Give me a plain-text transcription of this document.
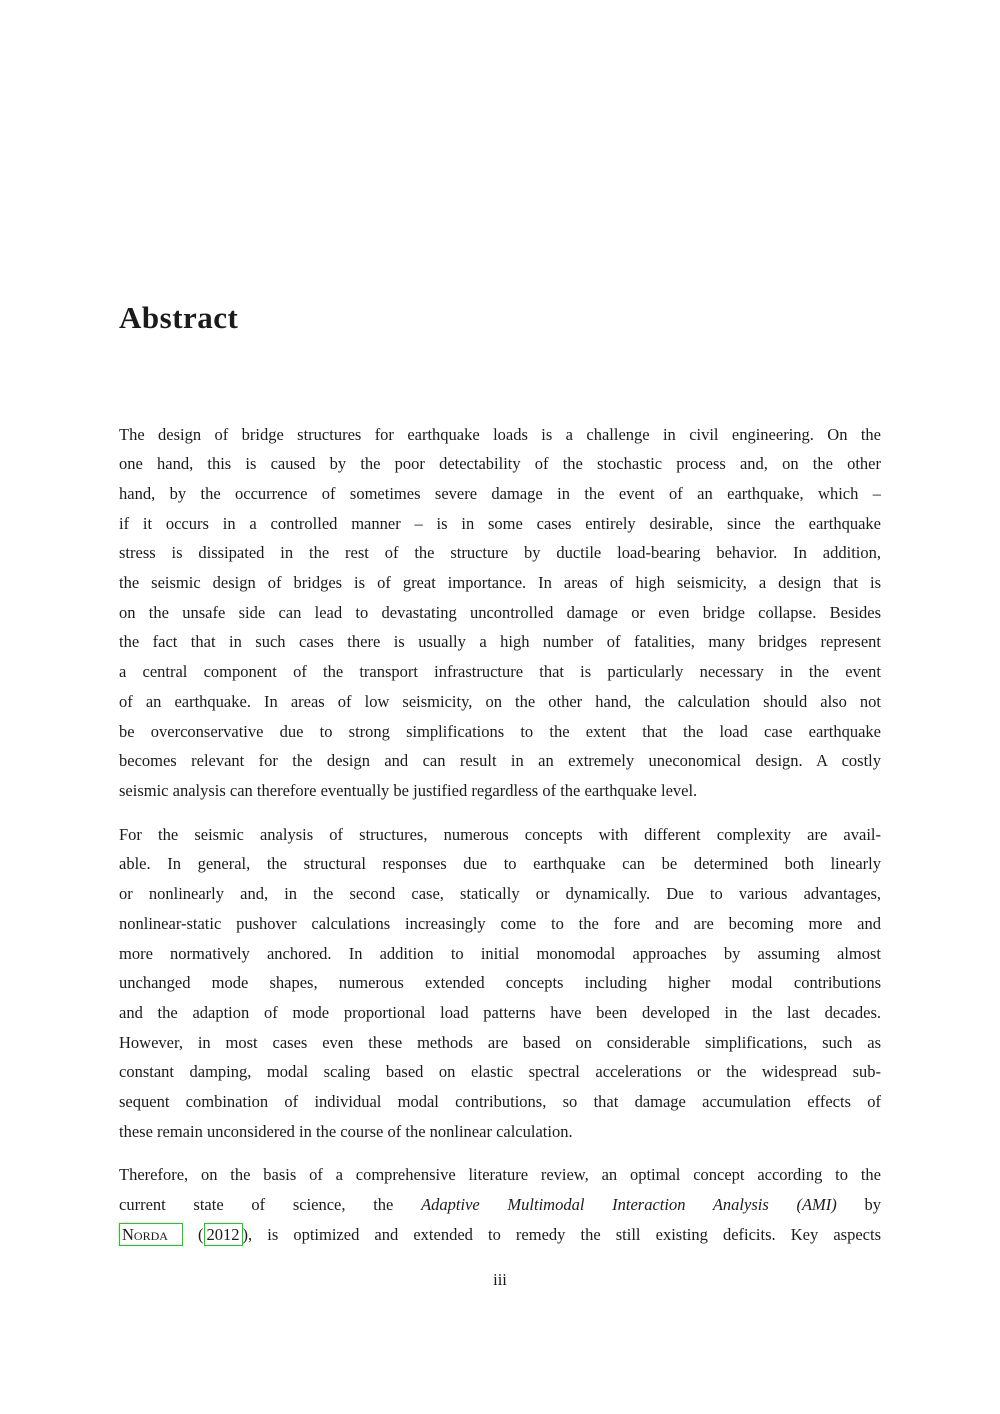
Abstract
The design of bridge structures for earthquake loads is a challenge in civil engineering. On the
one hand, this is caused by the poor detectability of the stochastic process and, on the other
hand, by the occurrence of sometimes severe damage in the event of an earthquake, which –
if it occurs in a controlled manner – is in some cases entirely desirable, since the earthquake
stress is dissipated in the rest of the structure by ductile load-bearing behavior. In addition,
the seismic design of bridges is of great importance. In areas of high seismicity, a design that is
on the unsafe side can lead to devastating uncontrolled damage or even bridge collapse. Besides
the fact that in such cases there is usually a high number of fatalities, many bridges represent
a central component of the transport infrastructure that is particularly necessary in the event
of an earthquake. In areas of low seismicity, on the other hand, the calculation should also not
be overconservative due to strong simplifications to the extent that the load case earthquake
becomes relevant for the design and can result in an extremely uneconomical design. A costly
seismic analysis can therefore eventually be justified regardless of the earthquake level.
For the seismic analysis of structures, numerous concepts with different complexity are avail-
able. In general, the structural responses due to earthquake can be determined both linearly
or nonlinearly and, in the second case, statically or dynamically. Due to various advantages,
nonlinear-static pushover calculations increasingly come to the fore and are becoming more and
more normatively anchored. In addition to initial monomodal approaches by assuming almost
unchanged mode shapes, numerous extended concepts including higher modal contributions
and the adaption of mode proportional load patterns have been developed in the last decades.
However, in most cases even these methods are based on considerable simplifications, such as
constant damping, modal scaling based on elastic spectral accelerations or the widespread sub-
sequent combination of individual modal contributions, so that damage accumulation effects of
these remain unconsidered in the course of the nonlinear calculation.
Therefore, on the basis of a comprehensive literature review, an optimal concept according to the
current state of science, the Adaptive Multimodal Interaction Analysis (AMI) by
Norda ( 2012 ), is optimized and extended to remedy the still existing deficits. Key aspects
iii
